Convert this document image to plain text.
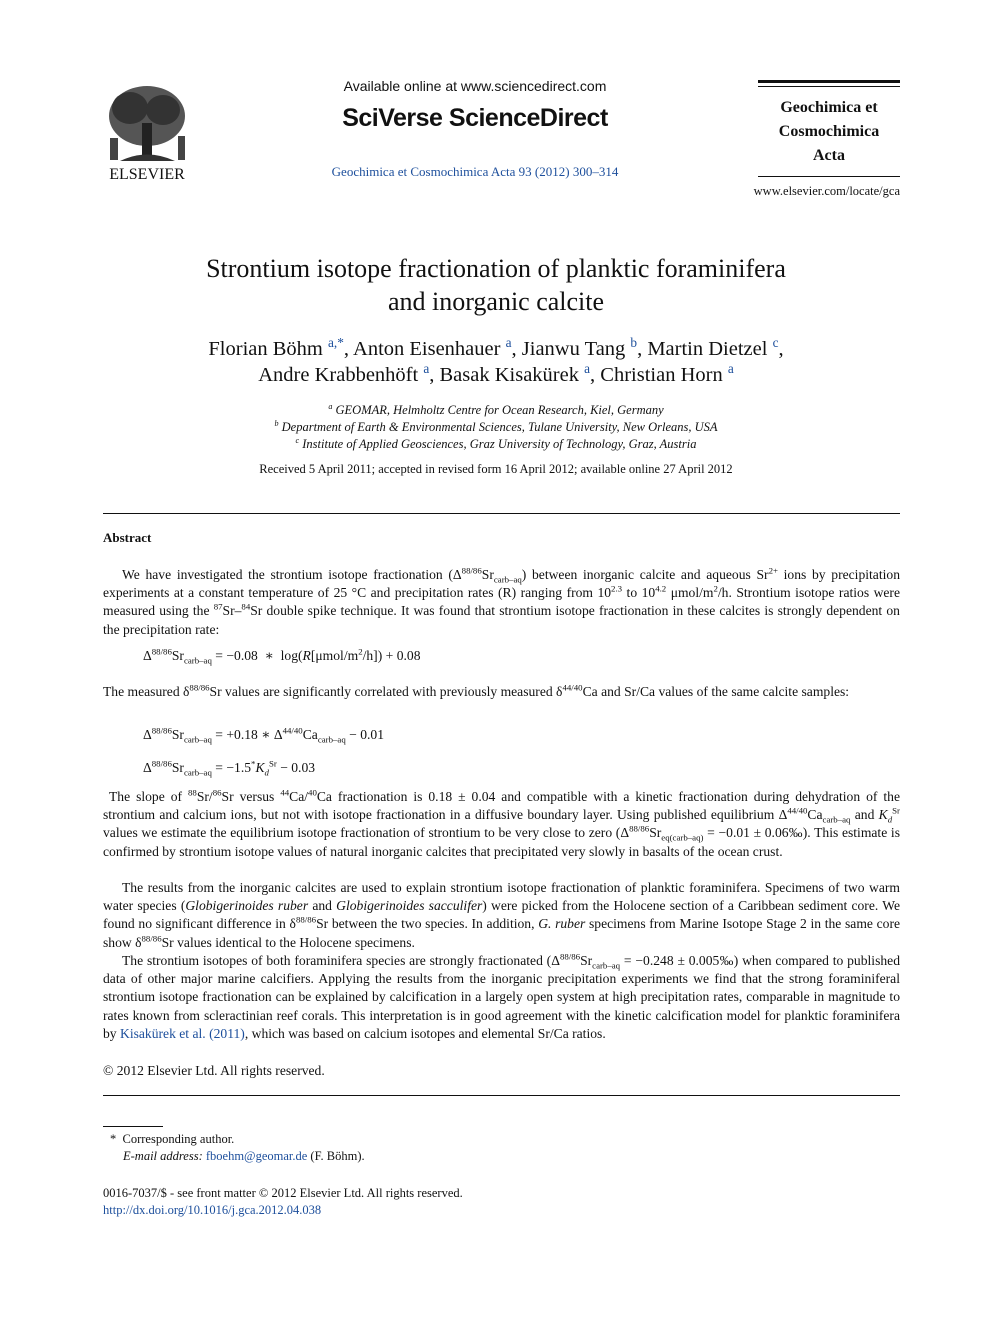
ELSEVIER
Available online at www.sciencedirect.com
SciVerse ScienceDirect
Geochimica et Cosmochimica Acta 93 (2012) 300–314
Geochimica et
Cosmochimica
Acta
www.elsevier.com/locate/gca
Strontium isotope fractionation of planktic foraminifera
and inorganic calcite
Florian Böhm $^{a,*}$, Anton Eisenhauer $^a$, Jianwu Tang $^b$, Martin Dietzel $^c$,
Andre Krabbenhöft $^a$, Basak Kisakürek $^a$, Christian Horn $^a$
$^a$ GEOMAR, Helmholtz Centre for Ocean Research, Kiel, Germany
$^b$ Department of Earth & Environmental Sciences, Tulane University, New Orleans, USA
$^c$ Institute of Applied Geosciences, Graz University of Technology, Graz, Austria
Received 5 April 2011; accepted in revised form 16 April 2012; available online 27 April 2012
Abstract
We have investigated the strontium isotope fractionation $(\Delta^{88/86}Sr_{carb-aq})$ between inorganic calcite and aqueous $Sr^{2+}$ ions by precipitation experiments at a constant temperature of 25 °C and precipitation rates (R) ranging from $10^{2.3}$ to $10^{4.2}$ μmol/$m^2/h$. Strontium isotope ratios were measured using the $^{87}$Sr–$^{84}$Sr double spike technique. It was found that strontium isotope fractionation in these calcites is strongly dependent on the precipitation rate:
$\Delta^{88/86}Sr_{carb-aq} = -0.08$  ∗  $\log(R[\mu mol/m^2/h]) + 0.08$
The measured $\delta^{88/86}Sr$ values are significantly correlated with previously measured $\delta^{44/40}Ca$ and Sr/Ca values of the same calcite samples:
$\Delta^{88/86}Sr_{carb-aq} = +0.18$ ∗ $\Delta^{44/40}Ca_{carb-aq} - 0.01$
$\Delta^{88/86}Sr_{carb-aq} = -1.5^*K_d^{Sr} - 0.03$
The slope of $^{88}$Sr/$^{86}$Sr versus $^{44}$Ca/$^{40}$Ca fractionation is 0.18 ± 0.04 and compatible with a kinetic fractionation during dehydration of the strontium and calcium ions, but not with isotope fractionation in a diffusive boundary layer. Using published equilibrium $\Delta^{44/40}Ca_{carb-aq}$ and $K_d^{Sr}$ values we estimate the equilibrium isotope fractionation of strontium to be very close to zero ($\Delta^{88/86}Sr_{eq(carb-aq)} = -0.01$ ± 0.06‰). This estimate is confirmed by strontium isotope values of natural inorganic calcites that precipitated very slowly in basalts of the ocean crust.
The results from the inorganic calcites are used to explain strontium isotope fractionation of planktic foraminifera. Specimens of two warm water species (Globigerinoides ruber and Globigerinoides sacculifer) were picked from the Holocene section of a Caribbean sediment core. We found no significant difference in $\delta^{88/86}Sr$ between the two species. In addition, G. ruber specimens from Marine Isotope Stage 2 in the same core show $\delta^{88/86}Sr$ values identical to the Holocene specimens.
The strontium isotopes of both foraminifera species are strongly fractionated ($\Delta^{88/86}Sr_{carb-aq} = -0.248$ ± 0.005‰) when compared to published data of other major marine calcifiers. Applying the results from the inorganic precipitation experiments we find that the strong foraminiferal strontium isotope fractionation can be explained by calcification in a largely open system at high precipitation rates, comparable in magnitude to rates known from scleractinian reef corals. This interpretation is in good agreement with the kinetic calcification model for planktic foraminifera by Kisakürek et al. (2011), which was based on calcium isotopes and elemental Sr/Ca ratios.
© 2012 Elsevier Ltd. All rights reserved.
* Corresponding author.
E-mail address: fboehm@geomar.de (F. Böhm).
0016-7037/$ - see front matter © 2012 Elsevier Ltd. All rights reserved.
http://dx.doi.org/10.1016/j.gca.2012.04.038
